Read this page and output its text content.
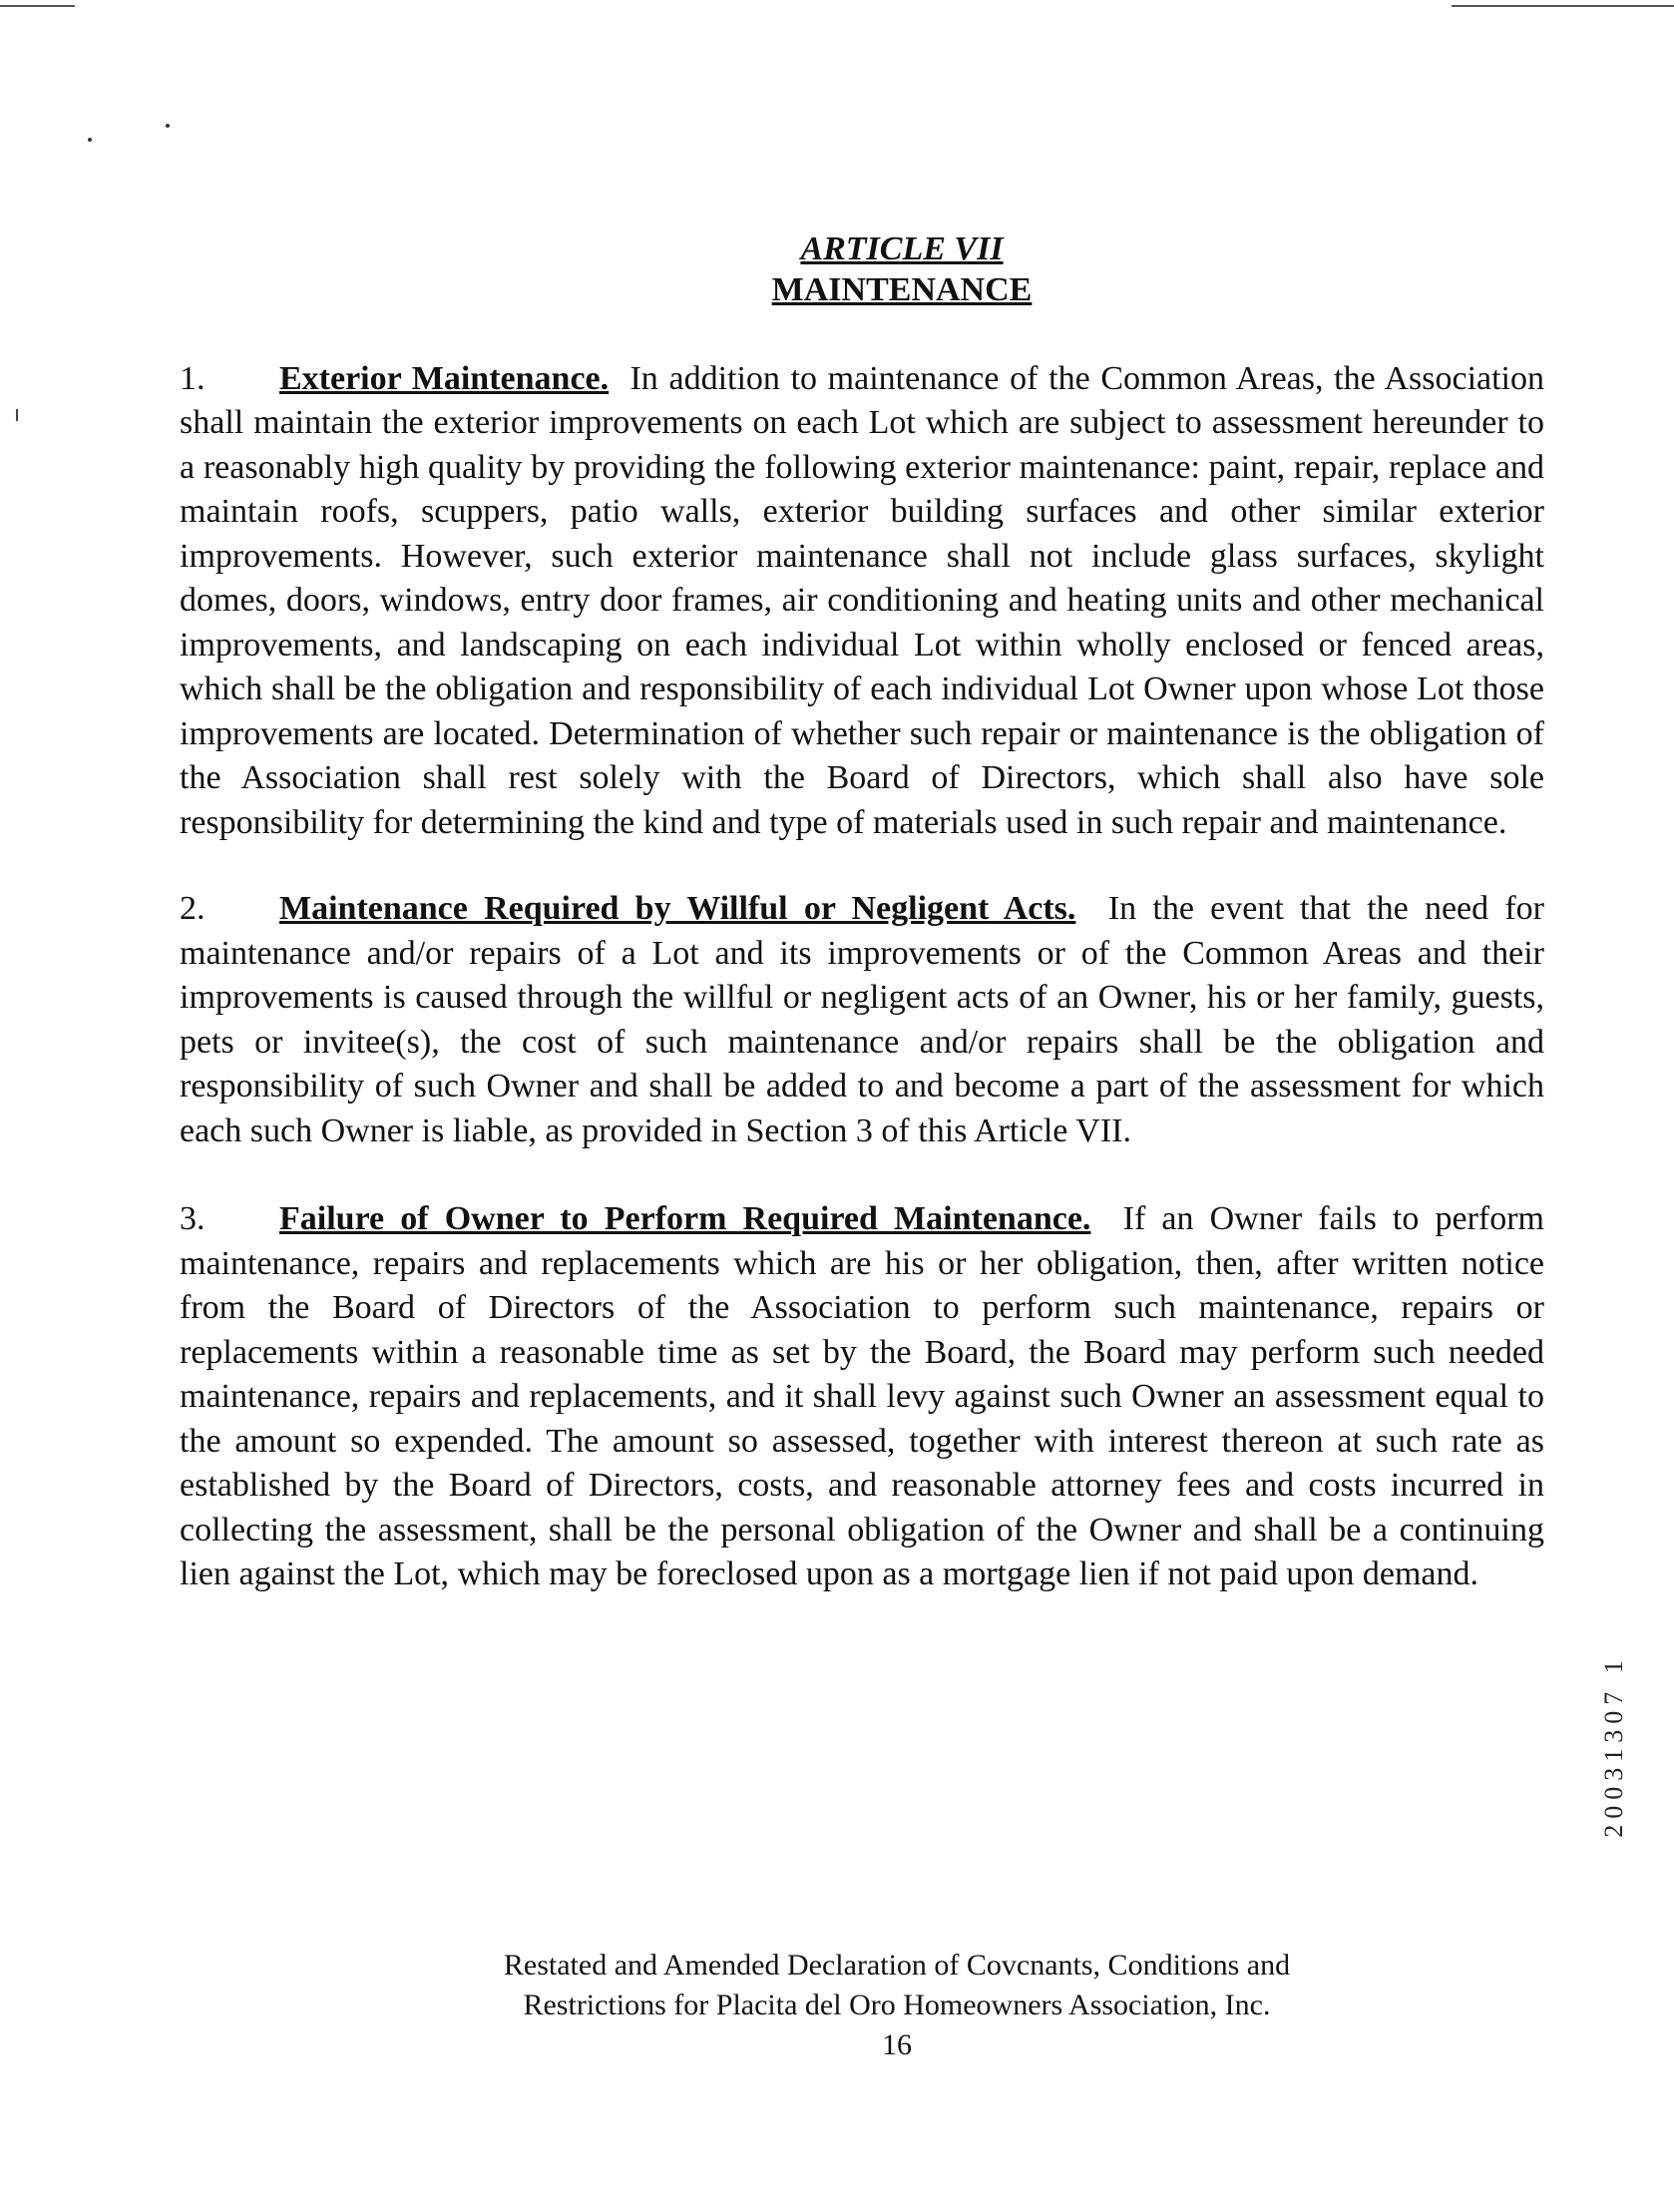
ARTICLE VII
MAINTENANCE

1. Exterior Maintenance. In addition to maintenance of the Common Areas, the Association shall maintain the exterior improvements on each Lot which are subject to assessment hereunder to a reasonably high quality by providing the following exterior maintenance: paint, repair, replace and maintain roofs, scuppers, patio walls, exterior building surfaces and other similar exterior improvements. However, such exterior maintenance shall not include glass surfaces, skylight domes, doors, windows, entry door frames, air conditioning and heating units and other mechanical improvements, and landscaping on each individual Lot within wholly enclosed or fenced areas, which shall be the obligation and responsibility of each individual Lot Owner upon whose Lot those improvements are located. Determination of whether such repair or maintenance is the obligation of the Association shall rest solely with the Board of Directors, which shall also have sole responsibility for determining the kind and type of materials used in such repair and maintenance.

2. Maintenance Required by Willful or Negligent Acts. In the event that the need for maintenance and/or repairs of a Lot and its improvements or of the Common Areas and their improvements is caused through the willful or negligent acts of an Owner, his or her family, guests, pets or invitee(s), the cost of such maintenance and/or repairs shall be the obligation and responsibility of such Owner and shall be added to and become a part of the assessment for which each such Owner is liable, as provided in Section 3 of this Article VII.

3. Failure of Owner to Perform Required Maintenance. If an Owner fails to perform maintenance, repairs and replacements which are his or her obligation, then, after written notice from the Board of Directors of the Association to perform such maintenance, repairs or replacements within a reasonable time as set by the Board, the Board may perform such needed maintenance, repairs and replacements, and it shall levy against such Owner an assessment equal to the amount so expended. The amount so assessed, together with interest thereon at such rate as established by the Board of Directors, costs, and reasonable attorney fees and costs incurred in collecting the assessment, shall be the personal obligation of the Owner and shall be a continuing lien against the Lot, which may be foreclosed upon as a mortgage lien if not paid upon demand.

20031307 1
Restated and Amended Declaration of Covcnants, Conditions and
Restrictions for Placita del Oro Homeowners Association, Inc.
16
